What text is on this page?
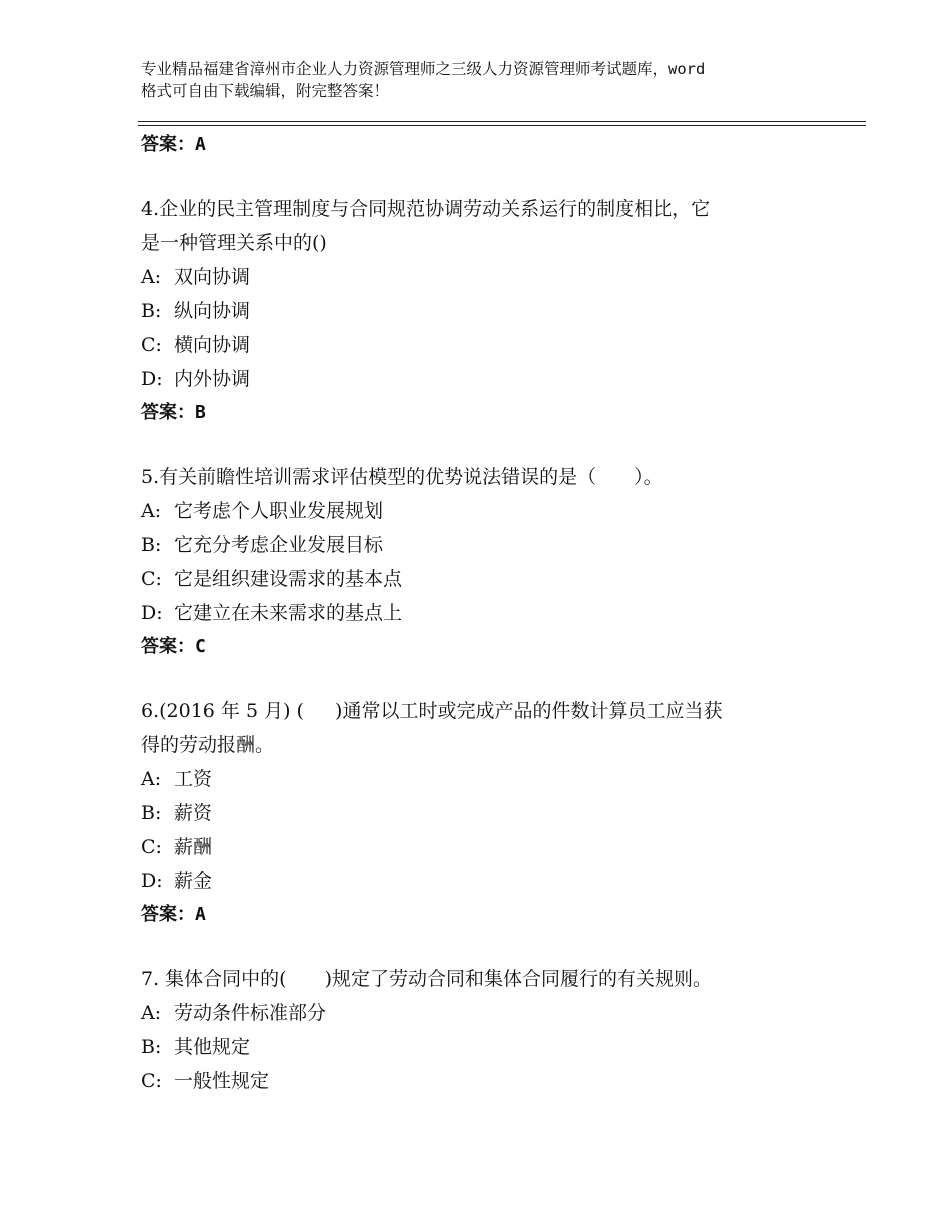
专业精品福建省漳州市企业人力资源管理师之三级人力资源管理师考试题库，word
格式可自由下载编辑，附完整答案！
答案：A
4.企业的民主管理制度与合同规范协调劳动关系运行的制度相比，它
是一种管理关系中的()
A: 双向协调
B: 纵向协调
C: 横向协调
D: 内外协调
答案：B
5.有关前瞻性培训需求评估模型的优势说法错误的是（　　）。
A: 它考虑个人职业发展规划
B: 它充分考虑企业发展目标
C: 它是组织建设需求的基本点
D: 它建立在未来需求的基点上
答案：C
6.(2016 年 5 月) ( 　 )通常以工时或完成产品的件数计算员工应当获
得的劳动报酬。
A: 工资
B: 薪资
C: 薪酬
D: 薪金
答案：A
7. 集体合同中的(　　)规定了劳动合同和集体合同履行的有关规则。
A: 劳动条件标准部分
B: 其他规定
C: 一般性规定
